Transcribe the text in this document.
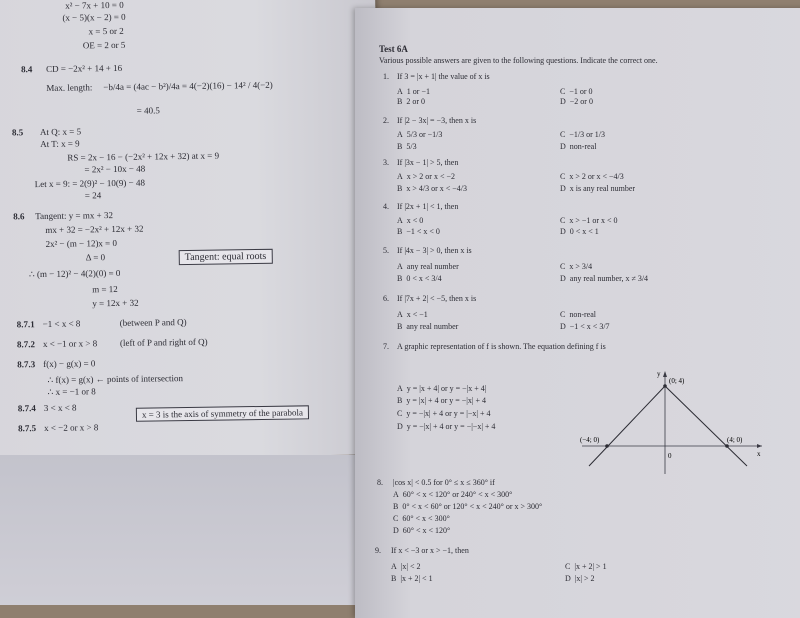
x² − 7x + 10 = 0
(x − 5)(x − 2) = 0
x = 5 or 2
OE = 2 or 5
8.4 CD = −2x² + 14 + 16
Max. length: −b/4a = (4ac − b²)/4a = 4(−2)(16) − 14² / 4(−2)
= 40.5
8.5 At Q: x = 5
At T: x = 9
RS = 2x − 16 − (−2x² + 12x + 32) at x = 9
= 2x² − 10x − 48
Let x = 9: = 2(9)² − 10(9) − 48
= 24
8.6 Tangent: y = mx + 32
mx + 32 = −2x² + 12x + 32
2x² − (m − 12)x = 0
Δ = 0
∴ (m − 12)² − 4(2)(0) = 0
m = 12
y = 12x + 32
Tangent: equal roots
8.7.1 −1 < x < 8	(between P and Q)
8.7.2 x < −1 or x > 8	(left of P and right of Q)
8.7.3 f(x) − g(x) = 0
∴ f(x) = g(x) ← points of intersection
∴ x = −1 or 8
8.7.4 3 < x < 8
8.7.5 x < −2 or x > 8
x = 3 is the axis of symmetry of the parabola
Test 6A
Various possible answers are given to the following questions. Indicate the correct one.
1. If 3 = |x + 1| the value of x is
A  1 or −1
B  2 or 0
C  −1 or 0
D  −2 or 0
2. If |2 − 3x| = −3, then x is
A  5/3 or −1/3
B  5/3
C  −1/3 or 1/3
D  non-real
3. If |3x − 1| > 5, then
A  x > 2 or x < −2
B  x > 4/3 or x < −4/3
C  x > 2 or x < −4/3
D  x is any real number
4. If |2x + 1| < 1, then
A  x < 0
B  −1 < x < 0
C  x > −1 or x < 0
D  0 < x < 1
5. If |4x − 3| > 0, then x is
A  any real number
B  0 < x < 3/4
C  x > 3/4
D  any real number, x ≠ 3/4
6. If |7x + 2| < −5, then x is
A  x < −1
B  any real number
C  non-real
D  −1 < x < 3/7
7. A graphic representation of f is shown. The equation defining f is
A  y = |x + 4| or y = −|x + 4|
B  y = |x| + 4 or y = −|x| + 4
C  y = −|x| + 4 or y = |−x| + 4
D  y = −|x| + 4 or y = −|−x| + 4
(0; 4)
(−4; 0)	(4; 0)
0	x
y
8. |cos x| < 0.5 for 0° ≤ x ≤ 360° if
A  60° < x < 120° or 240° < x < 300°
B  0° < x < 60° or 120° < x < 240° or x > 300°
C  60° < x < 300°
D  60° < x < 120°
9. If x < −3 or x > −1, then
A  |x| < 2
B  |x + 2| < 1
C  |x + 2| > 1
D  |x| > 2
